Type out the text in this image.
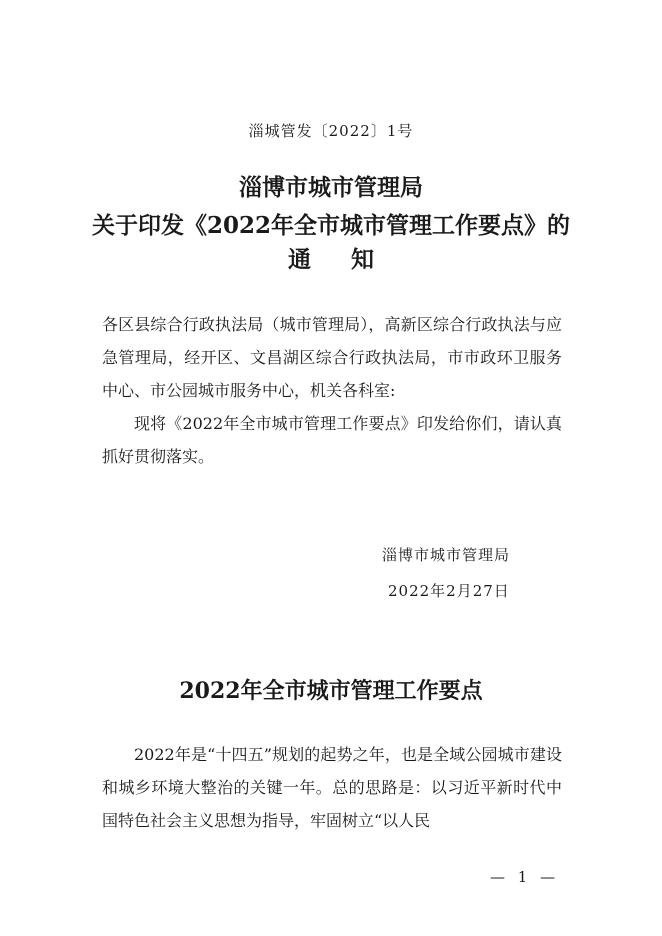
淄城管发〔2022〕1号
淄博市城市管理局
关于印发《2022年全市城市管理工作要点》的
通知
各区县综合行政执法局（城市管理局），高新区综合行政执法与应急管理局，经开区、文昌湖区综合行政执法局，市市政环卫服务中心、市公园城市服务中心，机关各科室:
现将《2022年全市城市管理工作要点》印发给你们，请认真抓好贯彻落实。
淄博市城市管理局
2022年2月27日
2022年全市城市管理工作要点
2022年是“十四五”规划的起势之年，也是全域公园城市建设和城乡环境大整治的关键一年。总的思路是：以习近平新时代中国特色社会主义思想为指导，牢固树立“以人民
— 1 —
